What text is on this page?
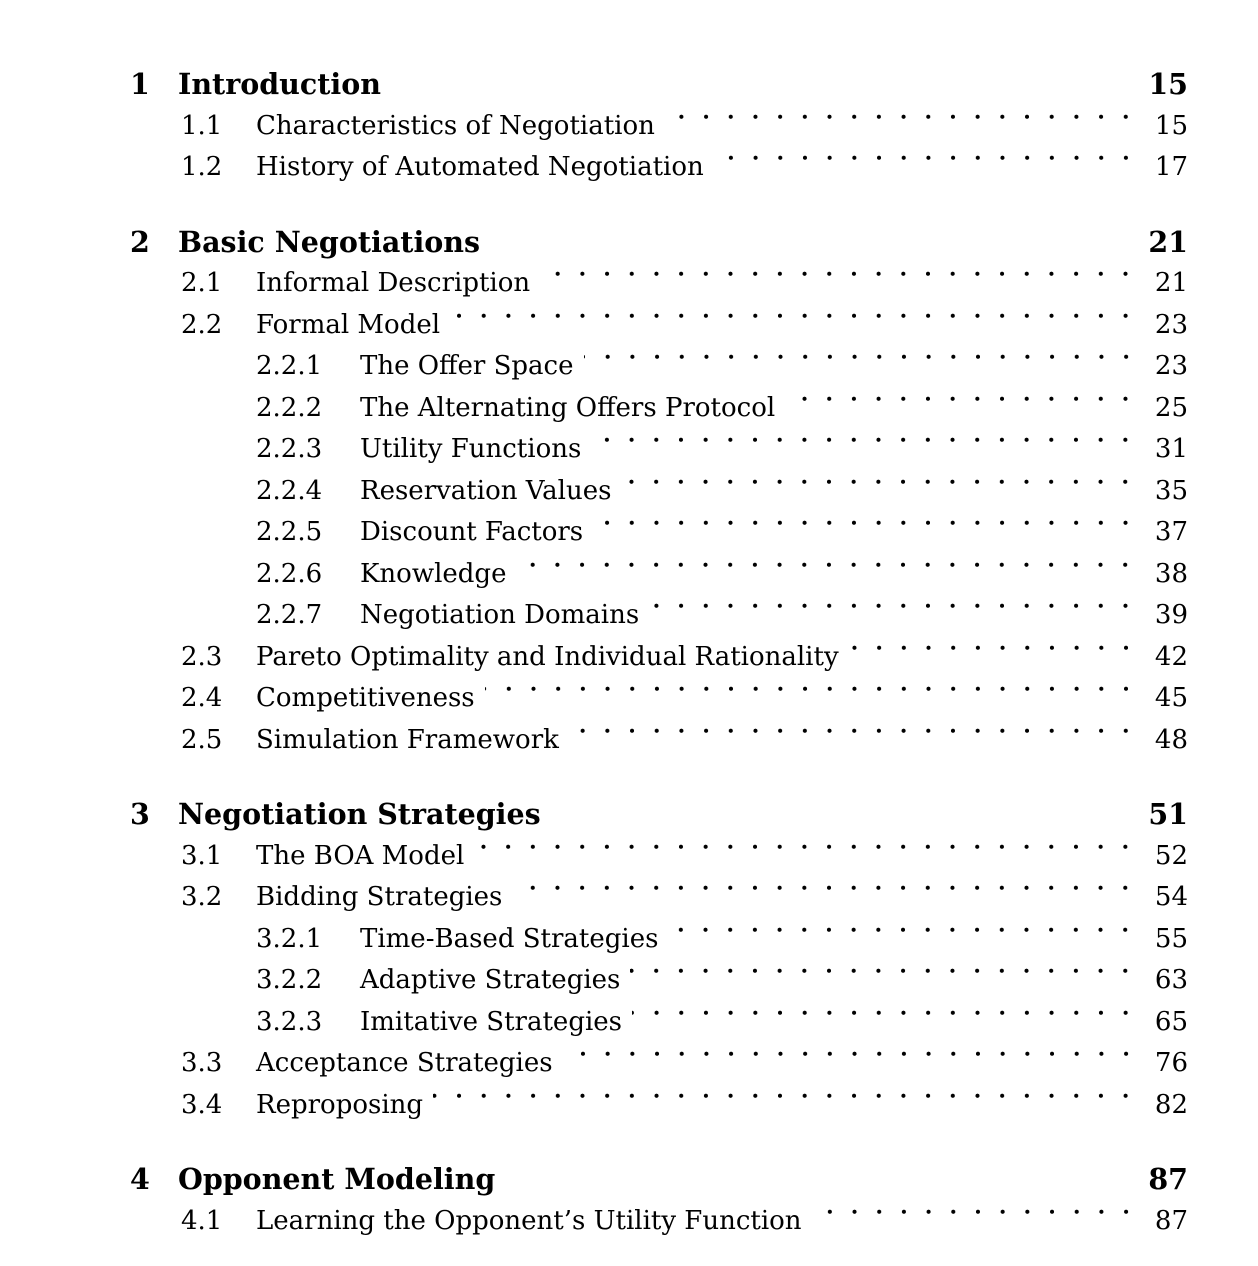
1 Introduction	15
1.1	Characteristics of Negotiation	15
1.2	History of Automated Negotiation	17
2 Basic Negotiations	21
2.1	Informal Description	21
2.2	Formal Model	23
2.2.1	The Offer Space	23
2.2.2	The Alternating Offers Protocol	25
2.2.3	Utility Functions	31
2.2.4	Reservation Values	35
2.2.5	Discount Factors	37
2.2.6	Knowledge	38
2.2.7	Negotiation Domains	39
2.3	Pareto Optimality and Individual Rationality	42
2.4	Competitiveness	45
2.5	Simulation Framework	48
3 Negotiation Strategies	51
3.1	The BOA Model	52
3.2	Bidding Strategies	54
3.2.1	Time-Based Strategies	55
3.2.2	Adaptive Strategies	63
3.2.3	Imitative Strategies	65
3.3	Acceptance Strategies	76
3.4	Reproposing	82
4 Opponent Modeling	87
4.1	Learning the Opponent’s Utility Function	87
